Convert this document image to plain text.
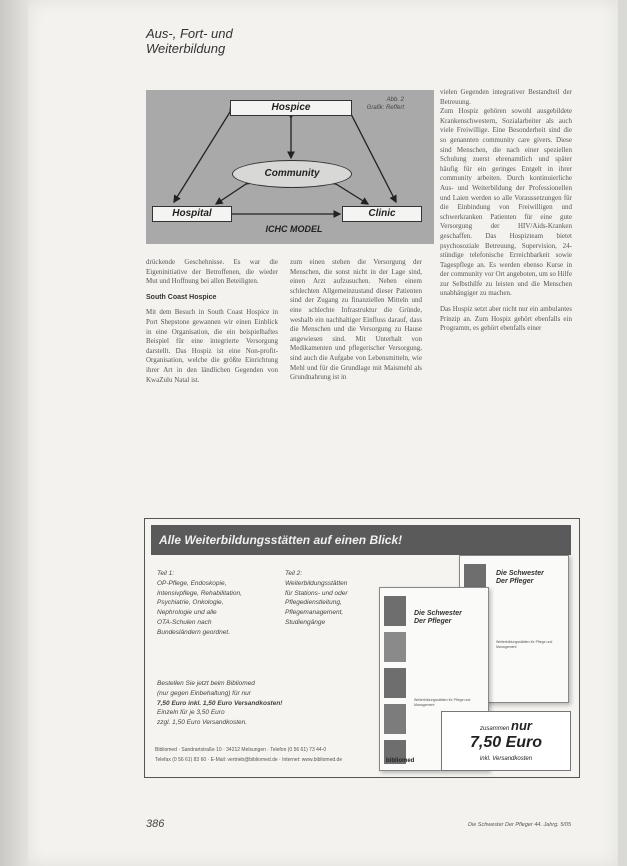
Aus-, Fort- und
Weiterbildung
Abb. 2
Grafik: Reffert
Hospice
Community
Hospital	Clinic
ICHC MODEL

drückende Geschehnisse. Es war die Eigeninitiative der Betroffenen, die wieder Mut und Hoffnung bei allen Beteiligten.

South Coast Hospice

Mit dem Besuch in South Coast Hospice in Port Shepstone gewannen wir einen Einblick in eine Organisation, die ein beispielhaftes Beispiel für eine integrierte Versorgung darstellt. Das Hospiz ist eine Non-profit-Organisation, welche die größte Einrichtung ihrer Art in den ländlichen Gegenden von KwaZulu Natal ist.

zum einen stehen die Versorgung der Menschen, die sonst nicht in der Lage sind, einen Arzt aufzusuchen. Neben einem schlechten Allgemeinzustand dieser Patienten sind der Zugang zu finanziellen Mitteln und eine schlechte Infrastruktur die Gründe, weshalb ein nachhaltiger Einfluss darauf, dass die Menschen und die Versorgung zu Hause angewiesen sind. Mit Unterhalt von Medikamenten und pflegerischer Versorgung, sind auch die Aufgabe von Lebensmitteln, wie Mehl und für die Grundlage mit Maismehl als Grundnahrung ist in

vielen Gegenden integrativer Bestandteil der Betreuung.

Zum Hospiz gehören sowohl ausgebildete Krankenschwestern, Sozialarbeiter als auch viele Freiwillige. Eine Besonderheit sind die so genannten community care givers. Diese sind Menschen, die nach einer speziellen Schulung zuerst ehrenamtlich und später häufig für ein geringes Entgelt in ihrer community arbeiten. Durch kontinuierliche Aus- und Weiterbildung der Professionellen und Laien werden so alle Voraussetzungen für die Einbindung von Freiwilligen und schwerkranken Patienten für eine gute Versorgung der HIV/Aids-Kranken geschaffen. Das Hospizteam bietet psychosoziale Betreuung, Supervision, 24-stündige telefonische Erreichbarkeit sowie Tagespflege an. Es werden ebenso Kurse in der community vor Ort angeboten, um so Hilfe zur Selbsthilfe zu leisten und die Menschen unabhängiger zu machen.

Das Hospiz setzt aber nicht nur ein ambulantes Prinzip an. Zum Hospiz gehört ebenfalls ein Programm, es gehört ebenfalls einer

Alle Weiterbildungsstätten auf einen Blick!
Teil 1:
OP-Pflege, Endoskopie,
Intensivpflege, Rehabilitation,
Psychiatrie, Onkologie,
Nephrologie und alle
OTA-Schulen nach
Bundesländern geordnet.
Teil 2:
Weiterbildungsstätten
für Stations- und oder
Pflegedienstleitung,
Pflegemanagement,
Studiengänge
Bestellen Sie jetzt beim Bibliomed
(nur gegen Einbehaltung) für nur
7,50 Euro inkl. 1,50 Euro Versandkosten!
Einzeln für je 3,50 Euro
zzgl. 1,50 Euro Versandkosten.
Bibliomed · Sandrartstraße 10 · 34212 Melsungen · Telefon (0 56 61) 73 44-0
Telefax (0 56 61) 83 60 · E-Mail: vertrieb@bibliomed.de · Internet: www.bibliomed.de
Die Schwester
Der Pfleger
Weiterbildungsstätten für Pflege und Management
Die Schwester
Der Pfleger
Weiterbildungsstätten für Pflege und Management
bibliomed
zusammen nur
7,50 Euro
inkl. Versandkosten
386	Die Schwester Der Pfleger 44. Jahrg. 5/05
